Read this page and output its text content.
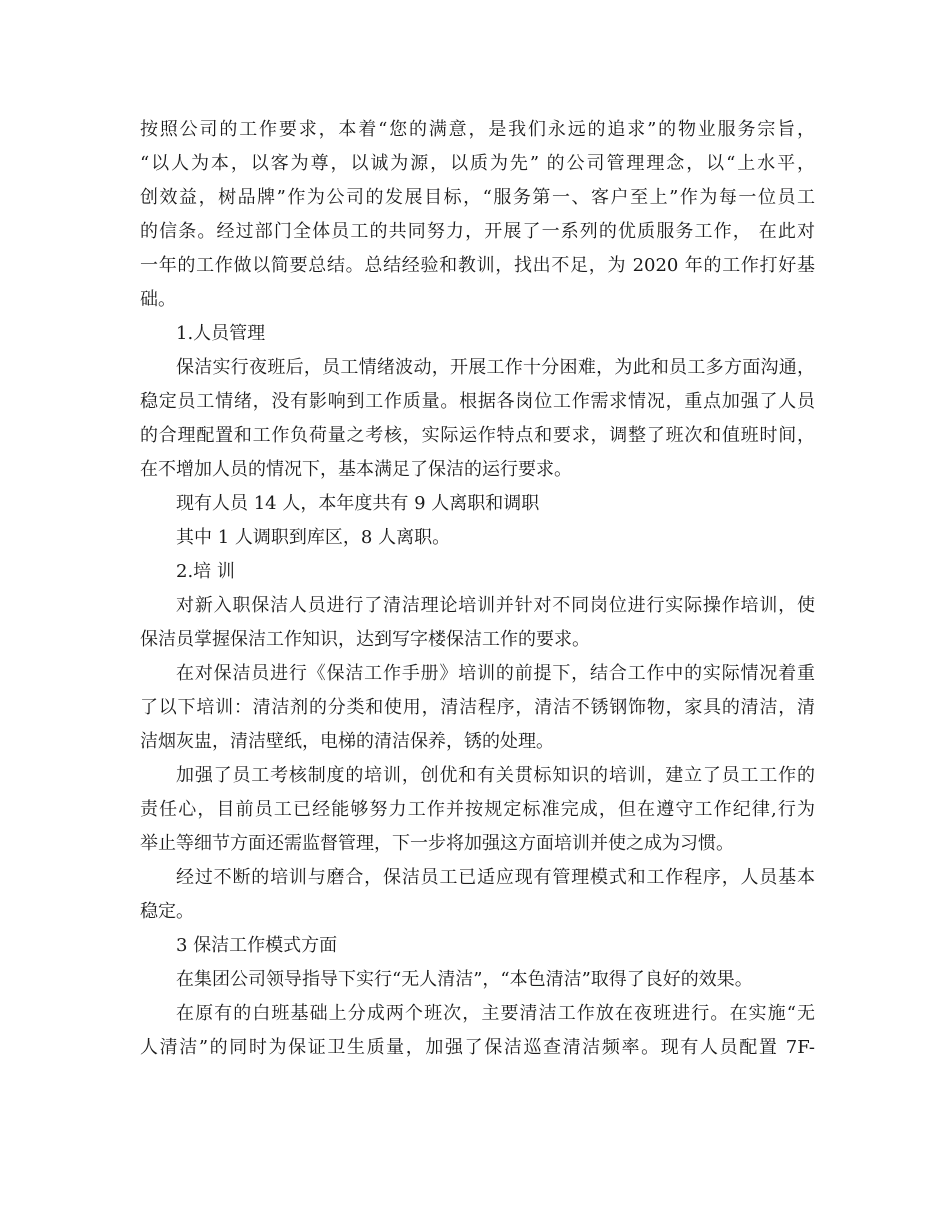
按照公司的工作要求，本着“您的满意，是我们永远的追求”的物业服务宗旨，
“以人为本，以客为尊，以诚为源，以质为先” 的公司管理理念，以“上水平，
创效益，树品牌”作为公司的发展目标，“服务第一、客户至上”作为每一位员工
的信条。经过部门全体员工的共同努力，开展了一系列的优质服务工作， 在此对
一年的工作做以简要总结。总结经验和教训，找出不足，为 2020 年的工作打好基
础。
1.人员管理
保洁实行夜班后，员工情绪波动，开展工作十分困难，为此和员工多方面沟通，
稳定员工情绪，没有影响到工作质量。根据各岗位工作需求情况，重点加强了人员
的合理配置和工作负荷量之考核，实际运作特点和要求，调整了班次和值班时间，
在不增加人员的情况下，基本满足了保洁的运行要求。
现有人员 14 人，本年度共有 9 人离职和调职
其中 1 人调职到库区，8 人离职。
2.培 训
对新入职保洁人员进行了清洁理论培训并针对不同岗位进行实际操作培训，使
保洁员掌握保洁工作知识，达到写字楼保洁工作的要求。
在对保洁员进行《保洁工作手册》培训的前提下，结合工作中的实际情况着重
了以下培训：清洁剂的分类和使用，清洁程序，清洁不锈钢饰物，家具的清洁，清
洁烟灰盅，清洁壁纸，电梯的清洁保养，锈的处理。
加强了员工考核制度的培训，创优和有关贯标知识的培训，建立了员工工作的
责任心，目前员工已经能够努力工作并按规定标准完成，但在遵守工作纪律,行为
举止等细节方面还需监督管理，下一步将加强这方面培训并使之成为习惯。
经过不断的培训与磨合，保洁员工已适应现有管理模式和工作程序，人员基本
稳定。
3 保洁工作模式方面
在集团公司领导指导下实行“无人清洁”，“本色清洁”取得了良好的效果。
在原有的白班基础上分成两个班次，主要清洁工作放在夜班进行。在实施“无
人清洁”的同时为保证卫生质量，加强了保洁巡查清洁频率。现有人员配置 7F-
